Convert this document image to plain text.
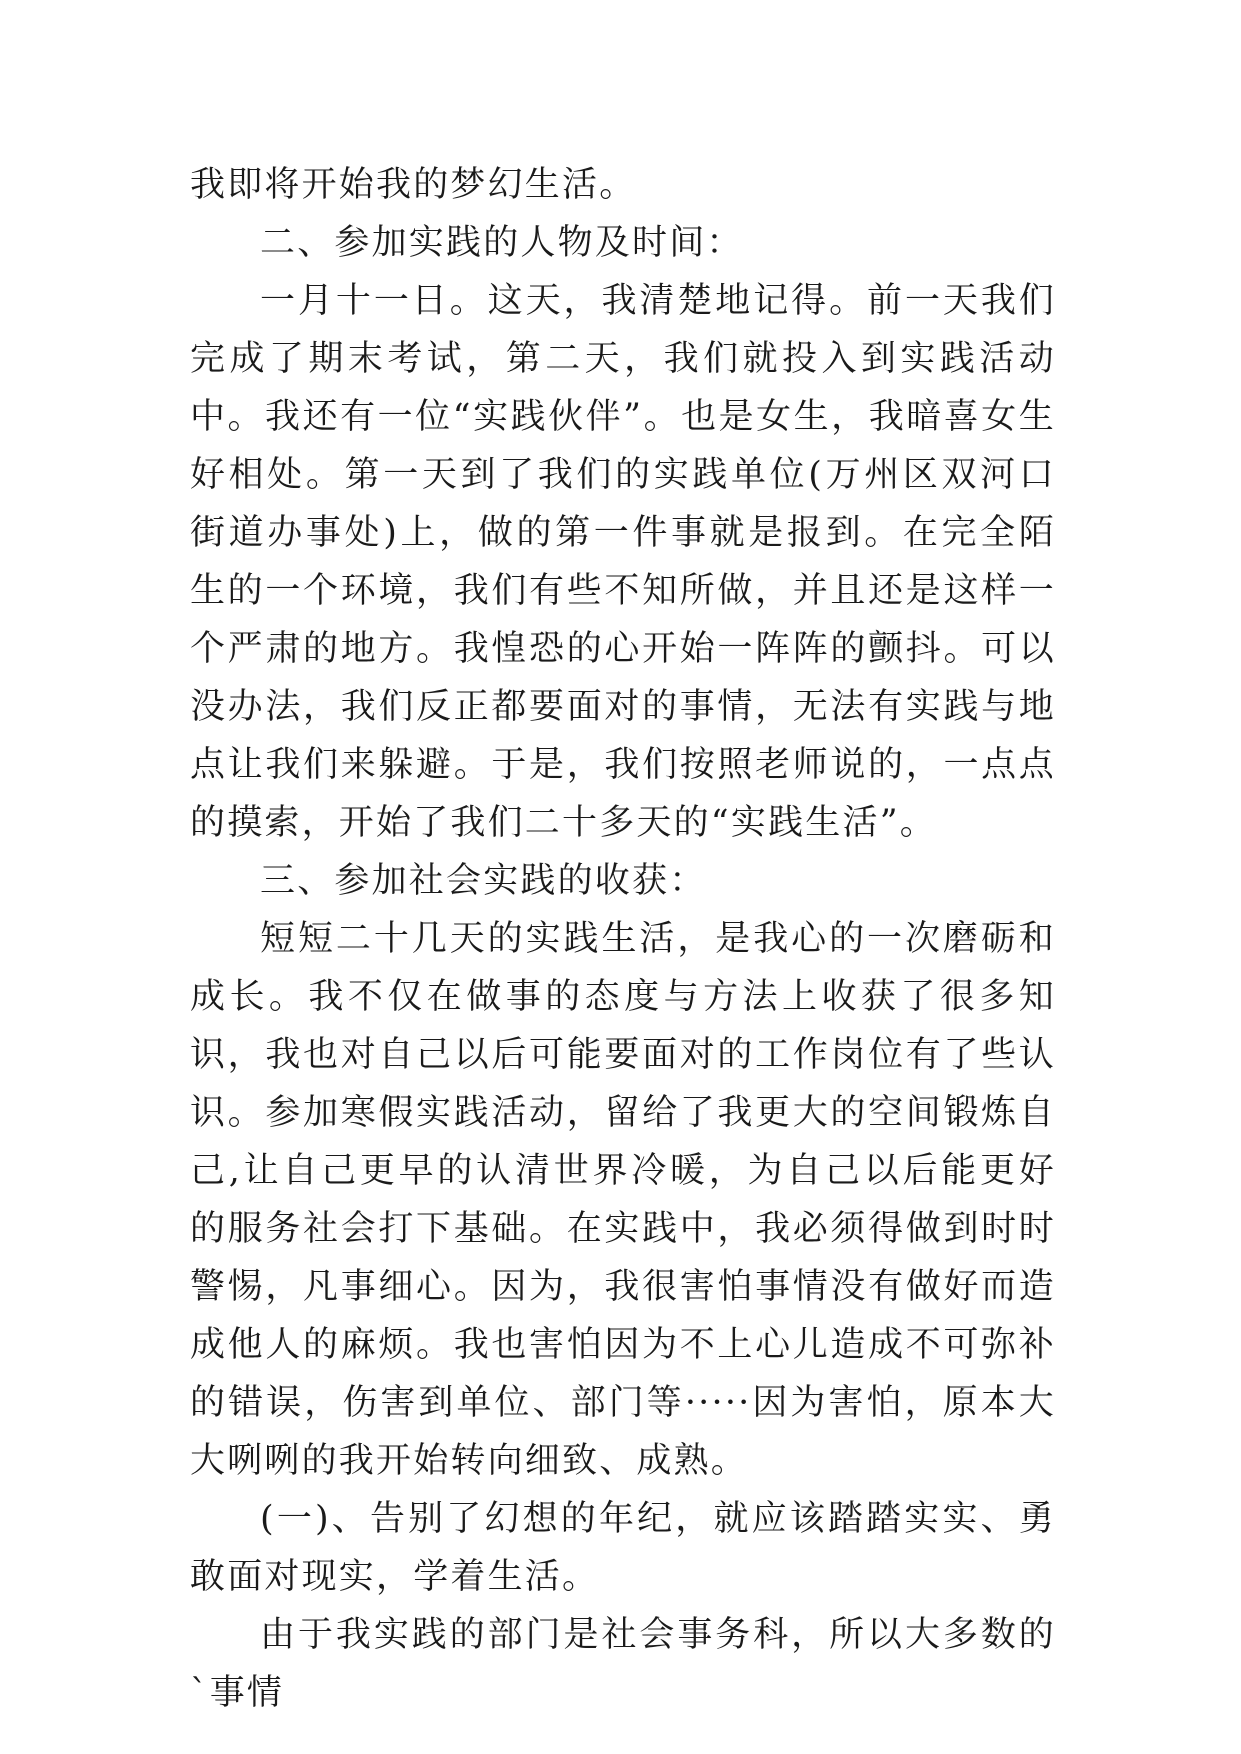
我即将开始我的梦幻生活。

二、参加实践的人物及时间：

一月十一日。这天，我清楚地记得。前一天我们完成了期末考试，第二天，我们就投入到实践活动中。我还有一位“实践伙伴”。也是女生，我暗喜女生好相处。第一天到了我们的实践单位(万州区双河口街道办事处)上，做的第一件事就是报到。在完全陌生的一个环境，我们有些不知所做，并且还是这样一个严肃的地方。我惶恐的心开始一阵阵的颤抖。可以没办法，我们反正都要面对的事情，无法有实践与地点让我们来躲避。于是，我们按照老师说的，一点点的摸索，开始了我们二十多天的“实践生活”。

三、参加社会实践的收获：

短短二十几天的实践生活，是我心的一次磨砺和成长。我不仅在做事的态度与方法上收获了很多知识，我也对自己以后可能要面对的工作岗位有了些认识。参加寒假实践活动，留给了我更大的空间锻炼自己,让自己更早的认清世界冷暖，为自己以后能更好的服务社会打下基础。在实践中，我必须得做到时时警惕，凡事细心。因为，我很害怕事情没有做好而造成他人的麻烦。我也害怕因为不上心儿造成不可弥补的错误，伤害到单位、部门等·····因为害怕，原本大大咧咧的我开始转向细致、成熟。

(一)、告别了幻想的年纪，就应该踏踏实实、勇敢面对现实，学着生活。

由于我实践的部门是社会事务科，所以大多数的`事情
